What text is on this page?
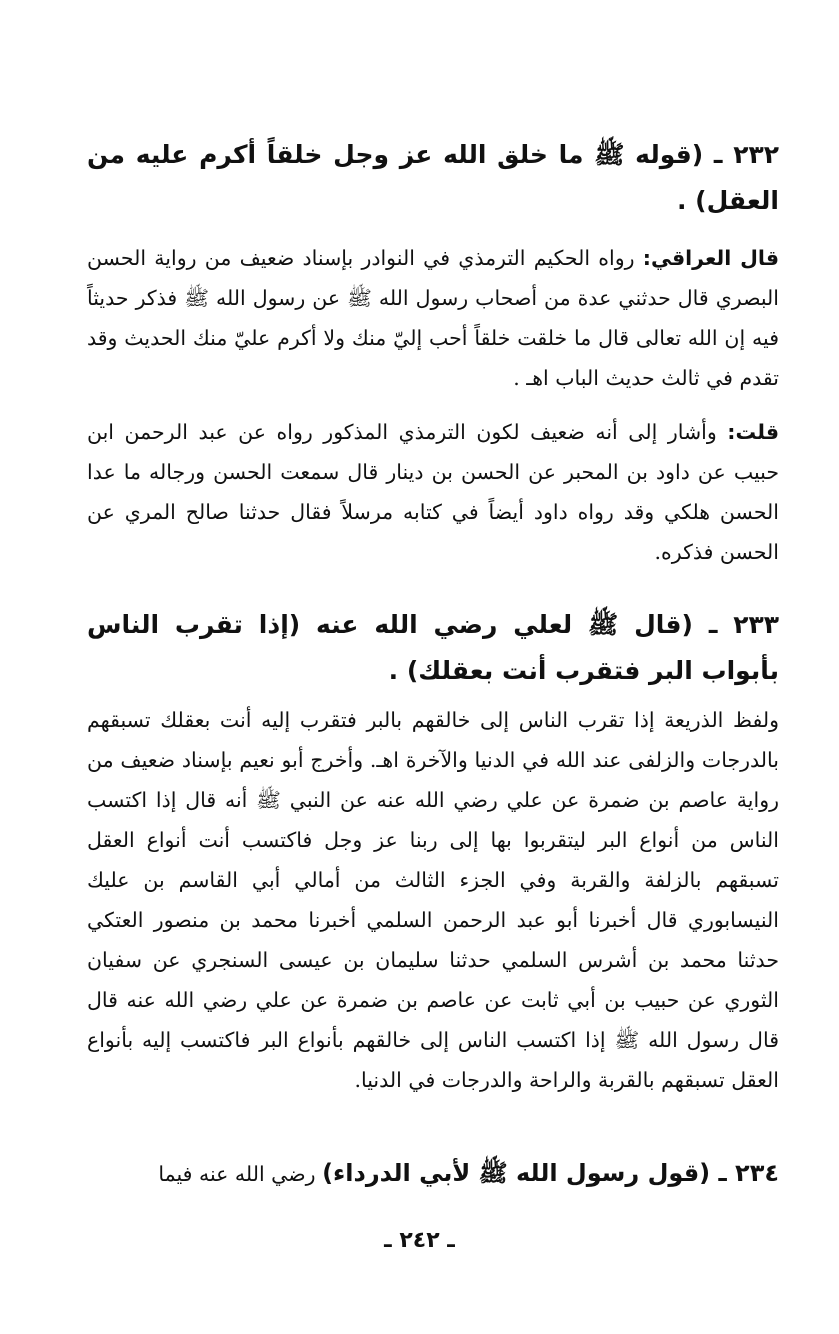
٢٣٢ ـ (قوله ﷺ ما خلق الله عز وجل خلقاً أكرم عليه من العقل) .
قال العراقي: رواه الحكيم الترمذي في النوادر بإسناد ضعيف من رواية الحسن البصري قال حدثني عدة من أصحاب رسول الله ﷺ عن رسول الله ﷺ فذكر حديثاً فيه إن الله تعالى قال ما خلقت خلقاً أحب إليّ منك ولا أكرم عليّ منك الحديث وقد تقدم في ثالث حديث الباب اهـ .
قلت: وأشار إلى أنه ضعيف لكون الترمذي المذكور رواه عن عبد الرحمن ابن حبيب عن داود بن المحبر عن الحسن بن دينار قال سمعت الحسن ورجاله ما عدا الحسن هلكي وقد رواه داود أيضاً في كتابه مرسلاً فقال حدثنا صالح المري عن الحسن فذكره.
٢٣٣ ـ (قال ﷺ لعلي رضي الله عنه (إذا تقرب الناس بأبواب البر فتقرب أنت بعقلك) .
ولفظ الذريعة إذا تقرب الناس إلى خالقهم بالبر فتقرب إليه أنت بعقلك تسبقهم بالدرجات والزلفى عند الله في الدنيا والآخرة اهـ. وأخرج أبو نعيم بإسناد ضعيف من رواية عاصم بن ضمرة عن علي رضي الله عنه عن النبي ﷺ أنه قال إذا اكتسب الناس من أنواع البر ليتقربوا بها إلى ربنا عز وجل فاكتسب أنت أنواع العقل تسبقهم بالزلفة والقربة وفي الجزء الثالث من أمالي أبي القاسم بن عليك النيسابوري قال أخبرنا أبو عبد الرحمن السلمي أخبرنا محمد بن منصور العتكي حدثنا محمد بن أشرس السلمي حدثنا سليمان بن عيسى السنجري عن سفيان الثوري عن حبيب بن أبي ثابت عن عاصم بن ضمرة عن علي رضي الله عنه قال قال رسول الله ﷺ إذا اكتسب الناس إلى خالقهم بأنواع البر فاكتسب إليه بأنواع العقل تسبقهم بالقربة والراحة والدرجات في الدنيا.
٢٣٤ ـ (قول رسول الله ﷺ لأبي الدرداء) رضي الله عنه فيما
ـ ٢٤٢ ـ
